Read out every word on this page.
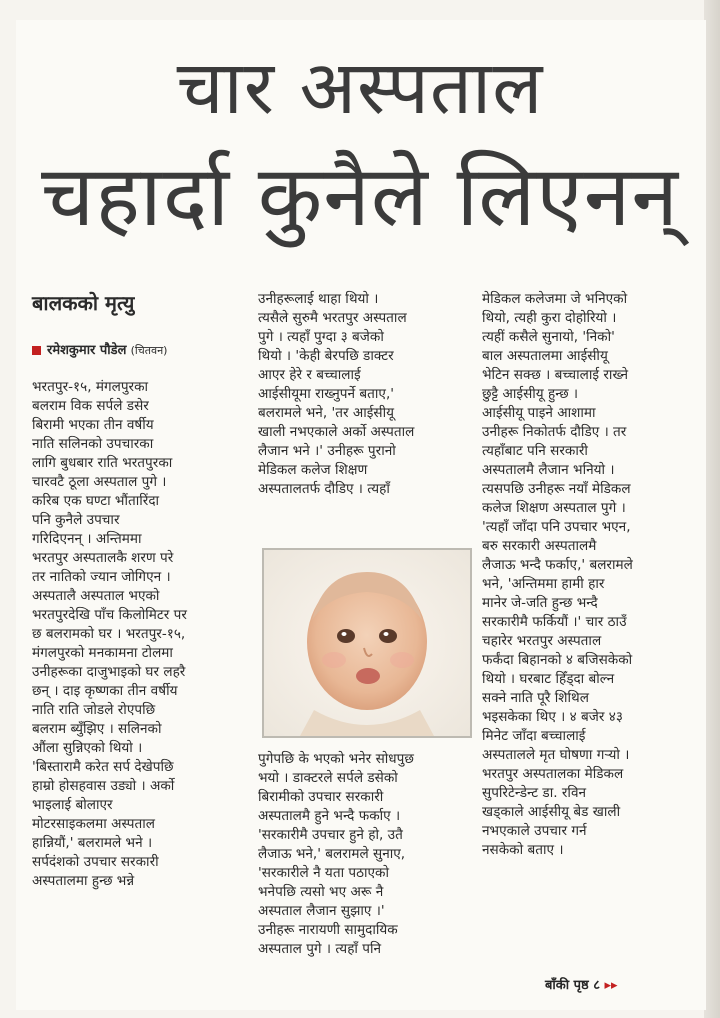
चार अस्पताल
चहार्दा कुनैले लिएनन्
बालकको मृत्यु
रमेशकुमार पौडेल (चितवन)

भरतपुर-१५, मंगलपुरका

बलराम विक सर्पले डसेर

बिरामी भएका तीन वर्षीय

नाति सलिनको उपचारका

लागि बुधबार राति भरतपुरका

चारवटै ठूला अस्पताल पुगे ।

करिब एक घण्टा भौंतारिंदा

पनि कुनैले उपचार

गरिदिएनन् । अन्तिममा

भरतपुर अस्पतालकै शरण परे

तर नातिको ज्यान जोगिएन ।

अस्पतालै अस्पताल भएको

भरतपुरदेखि पाँच किलोमिटर पर

छ बलरामको घर । भरतपुर-१५,

मंगलपुरको मनकामना टोलमा

उनीहरूका दाजुभाइको घर लहरै

छन् । दाइ कृष्णका तीन वर्षीय

नाति राति जोडले रोएपछि

बलराम ब्युँझिए । सलिनको

औंला सुन्निएको थियो ।

'बिस्तारामै करेत सर्प देखेपछि

हाम्रो होसहवास उड्यो । अर्को

भाइलाई बोलाएर

मोटरसाइकलमा अस्पताल

हान्नियौं,' बलरामले भने ।

सर्पदंशको उपचार सरकारी

अस्पतालमा हुन्छ भन्ने

उनीहरूलाई थाहा थियो ।

त्यसैले सुरुमै भरतपुर अस्पताल

पुगे । त्यहाँ पुग्दा ३ बजेको

थियो । 'केही बेरपछि डाक्टर

आएर हेरे र बच्चालाई

आईसीयूमा राख्नुपर्ने बताए,'

बलरामले भने, 'तर आईसीयू

खाली नभएकाले अर्को अस्पताल

लैजान भने ।' उनीहरू पुरानो

मेडिकल कलेज शिक्षण

अस्पतालतर्फ दौडिए । त्यहाँ

पुगेपछि के भएको भनेर सोधपुछ

भयो । डाक्टरले सर्पले डसेको

बिरामीको उपचार सरकारी

अस्पतालमै हुने भन्दै फर्काए ।

'सरकारीमै उपचार हुने हो, उतै

लैजाऊ भने,' बलरामले सुनाए,

'सरकारीले नै यता पठाएको

भनेपछि त्यसो भए अरू नै

अस्पताल लैजान सुझाए ।'

उनीहरू नारायणी सामुदायिक

अस्पताल पुगे । त्यहाँ पनि

मेडिकल कलेजमा जे भनिएको

थियो, त्यही कुरा दोहोरियो ।

त्यहीं कसैले सुनायो, 'निको'

बाल अस्पतालमा आईसीयू

भेटिन सक्छ । बच्चालाई राख्ने

छुट्टै आईसीयू हुन्छ ।

आईसीयू पाइने आशामा

उनीहरू निकोतर्फ दौडिए । तर

त्यहाँबाट पनि सरकारी

अस्पतालमै लैजान भनियो ।

त्यसपछि उनीहरू नयाँ मेडिकल

कलेज शिक्षण अस्पताल पुगे ।

'त्यहाँ जाँदा पनि उपचार भएन,

बरु सरकारी अस्पतालमै

लैजाऊ भन्दै फर्काए,' बलरामले

भने, 'अन्तिममा हामी हार

मानेर जे-जति हुन्छ भन्दै

सरकारीमै फर्कियौं ।' चार ठाउँ

चहारेर भरतपुर अस्पताल

फर्कंदा बिहानको ४ बजिसकेको

थियो । घरबाट हिँड्दा बोल्न

सक्ने नाति पूरै शिथिल

भइसकेका थिए । ४ बजेर ४३

मिनेट जाँदा बच्चालाई

अस्पतालले मृत घोषणा गर्‍यो ।

भरतपुर अस्पतालका मेडिकल

सुपरिटेन्डेन्ट डा. रविन

खड्काले आईसीयू बेड खाली

नभएकाले उपचार गर्न

नसकेको बताए ।

बाँकी पृष्ठ ८ ▸▸
